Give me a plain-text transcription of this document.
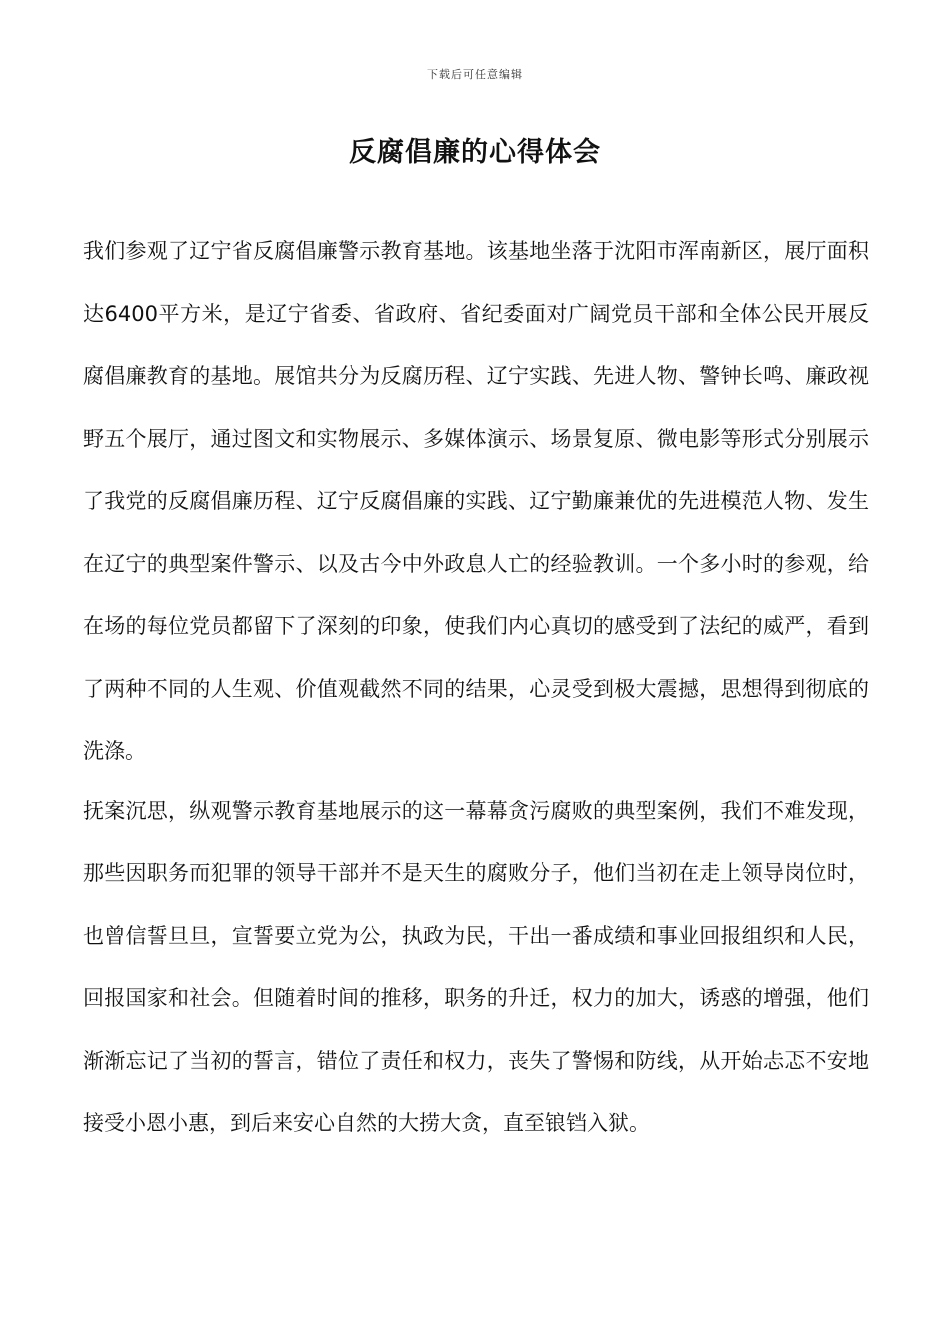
下载后可任意编辑
反腐倡廉的心得体会

我们参观了辽宁省反腐倡廉警示教育基地。该基地坐落于沈阳市浑南新区，展厅面积达6400平方米，是辽宁省委、省政府、省纪委面对广阔党员干部和全体公民开展反腐倡廉教育的基地。展馆共分为反腐历程、辽宁实践、先进人物、警钟长鸣、廉政视野五个展厅，通过图文和实物展示、多媒体演示、场景复原、微电影等形式分别展示了我党的反腐倡廉历程、辽宁反腐倡廉的实践、辽宁勤廉兼优的先进模范人物、发生在辽宁的典型案件警示、以及古今中外政息人亡的经验教训。一个多小时的参观，给在场的每位党员都留下了深刻的印象，使我们内心真切的感受到了法纪的威严，看到了两种不同的人生观、价值观截然不同的结果，心灵受到极大震撼，思想得到彻底的洗涤。

抚案沉思，纵观警示教育基地展示的这一幕幕贪污腐败的典型案例，我们不难发现，那些因职务而犯罪的领导干部并不是天生的腐败分子，他们当初在走上领导岗位时，也曾信誓旦旦，宣誓要立党为公，执政为民，干出一番成绩和事业回报组织和人民，回报国家和社会。但随着时间的推移，职务的升迁，权力的加大，诱惑的增强，他们渐渐忘记了当初的誓言，错位了责任和权力，丧失了警惕和防线，从开始忐忑不安地接受小恩小惠，到后来安心自然的大捞大贪，直至锒铛入狱。
